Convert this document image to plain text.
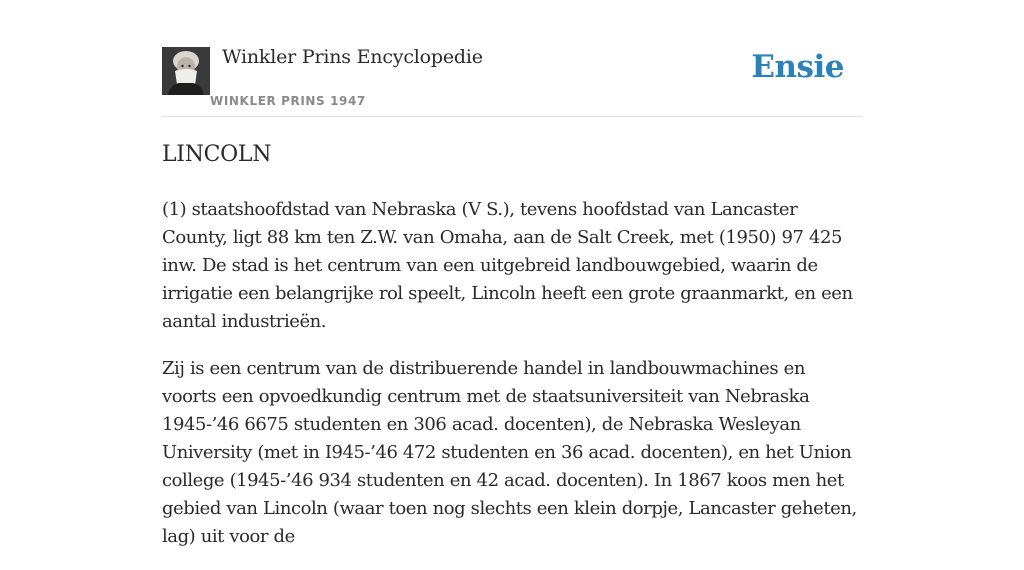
Winkler Prins Encyclopedie
WINKLER PRINS 1947
Ensie
LINCOLN

(1) staatshoofdstad van Nebraska (V S.), tevens hoofdstad van Lancaster County, ligt 88 km ten Z.W. van Omaha, aan de Salt Creek, met (1950) 97 425 inw. De stad is het centrum van een uitgebreid landbouwgebied, waarin de irrigatie een belangrijke rol speelt, Lincoln heeft een grote graanmarkt, en een aantal industrieën.

Zij is een centrum van de distribuerende handel in landbouwmachines en voorts een opvoedkundig centrum met de staatsuniversiteit van Nebraska 1945-’46 6675 studenten en 306 acad. docenten), de Nebraska Wesleyan University (met in I945-’46 472 studenten en 36 acad. docenten), en het Union college (1945-’46 934 studenten en 42 acad. docenten). In 1867 koos men het gebied van Lincoln (waar toen nog slechts een klein dorpje, Lancaster geheten, lag) uit voor de
